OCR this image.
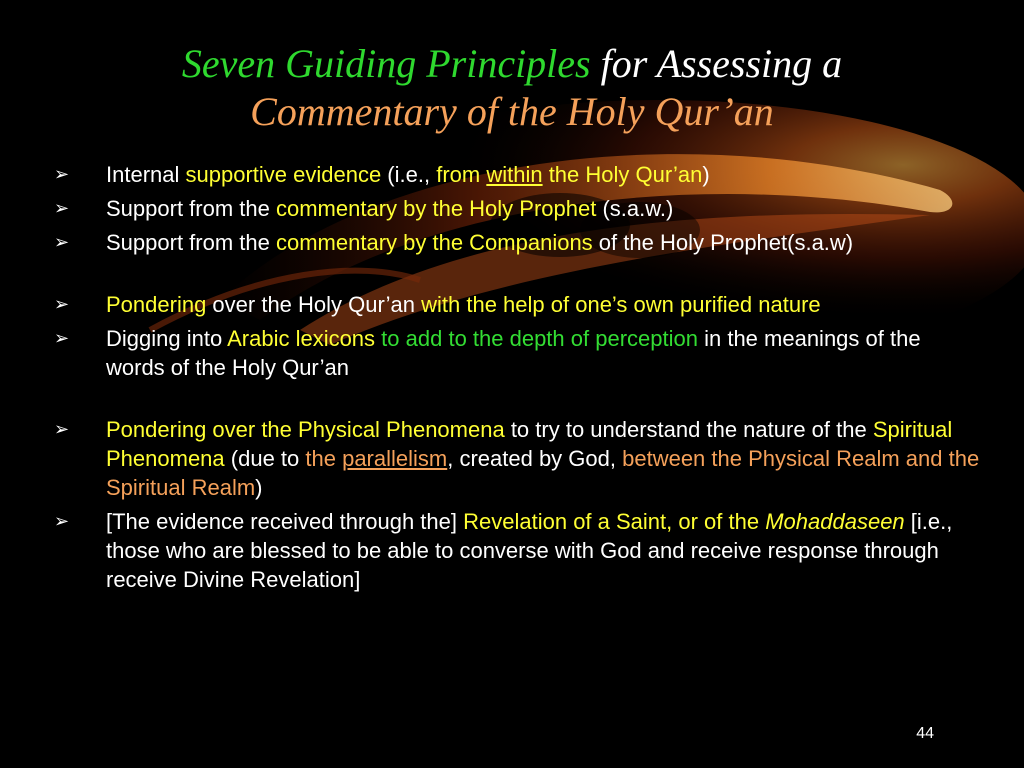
Seven Guiding Principles for Assessing a
Commentary of the Holy Qur’an
➢ Internal supportive evidence (i.e., from within the Holy Qur’an)
➢ Support from the commentary by the Holy Prophet (s.a.w.)
➢ Support from the commentary by the Companions of the Holy Prophet(s.a.w)
➢ Pondering over the Holy Qur’an with the help of one’s own purified nature
➢ Digging into Arabic lexicons to add to the depth of perception in the meanings of the words of the Holy Qur’an
➢ Pondering over the Physical Phenomena to try to understand the nature of the Spiritual Phenomena (due to the parallelism, created by God, between the Physical Realm and the Spiritual Realm)
➢ [The evidence received through the] Revelation of a Saint, or of the Mohaddaseen [i.e., those who are blessed to be able to converse with God and receive response through receive Divine Revelation]
44
